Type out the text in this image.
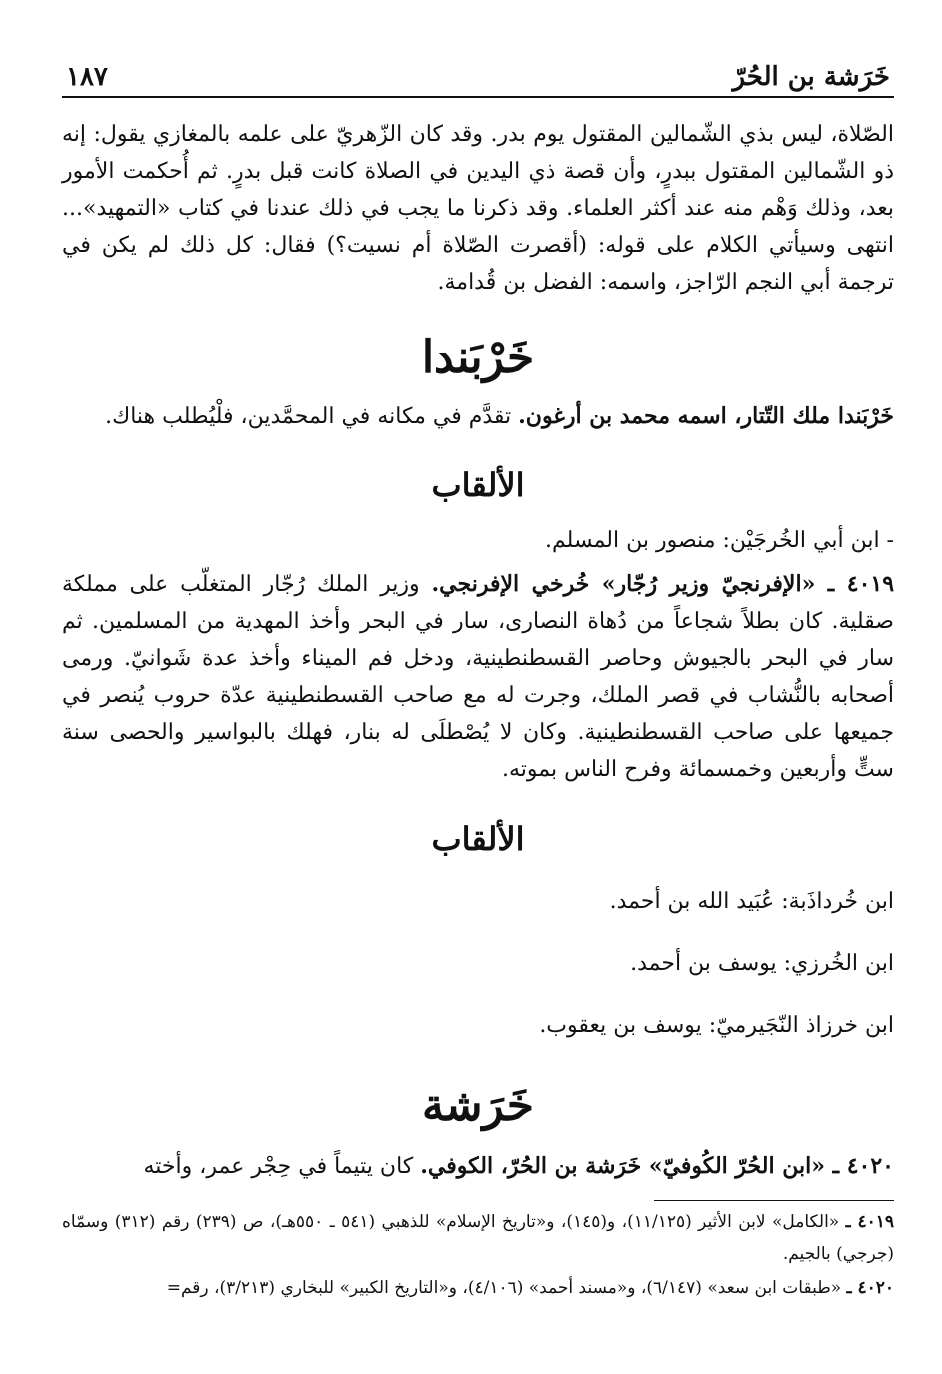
خَرَشة بن الحُرّ
١٨٧

الصّلاة، ليس بذي الشّمالين المقتول يوم بدر. وقد كان الزّهريّ على علمه بالمغازي يقول: إنه ذو الشّمالين المقتول ببدرٍ، وأن قصة ذي اليدين في الصلاة كانت قبل بدرٍ. ثم أُحكمت الأمور بعد، وذلك وَهْم منه عند أكثر العلماء. وقد ذكرنا ما يجب في ذلك عندنا في كتاب «التمهيد»... انتهى وسيأتي الكلام على قوله: (أقصرت الصّلاة أم نسيت؟) فقال: كل ذلك لم يكن في ترجمة أبي النجم الرّاجز، واسمه: الفضل بن قُدامة.

خَرْبَندا

خَرْبَندا ملك التّتار، اسمه محمد بن أرغون. تقدَّم في مكانه في المحمَّدين، فلْيُطلب هناك.

الألقاب

- ابن أبي الخُرجَيْن: منصور بن المسلم.

٤٠١٩ ـ «الإفرنجيّ وزير رُجّار» خُرخي الإفرنجي. وزير الملك رُجّار المتغلّب على مملكة صقلية. كان بطلاً شجاعاً من دُهاة النصارى، سار في البحر وأخذ المهدية من المسلمين. ثم سار في البحر بالجيوش وحاصر القسطنطينية، ودخل فم الميناء وأخذ عدة شَوانيّ. ورمى أصحابه بالنُّشاب في قصر الملك، وجرت له مع صاحب القسطنطينية عدّة حروب يُنصر في جميعها على صاحب القسطنطينية. وكان لا يُصْطلَى له بنار، فهلك بالبواسير والحصى سنة ستٍّ وأربعين وخمسمائة وفرح الناس بموته.

الألقاب
ابن خُرداذَبة: عُبَيد الله بن أحمد.
ابن الخُرزي: يوسف بن أحمد.
ابن خرزاذ النّجَيرميّ: يوسف بن يعقوب.
خَرَشة

٤٠٢٠ ـ «ابن الحُرّ الكُوفيّ» خَرَشة بن الحُرّ، الكوفي. كان يتيماً في حِجْر عمر، وأخته

٤٠١٩ ـ «الكامل» لابن الأثير (١١/١٢٥)، و(١٤٥)، و«تاريخ الإسلام» للذهبي (٥٤١ ـ ٥٥٠هـ)، ص (٢٣٩) رقم (٣١٢) وسمّاه (جرجي) بالجيم.
٤٠٢٠ ـ «طبقات ابن سعد» (٦/١٤٧)، و«مسند أحمد» (٤/١٠٦)، و«التاريخ الكبير» للبخاري (٣/٢١٣)، رقم=
